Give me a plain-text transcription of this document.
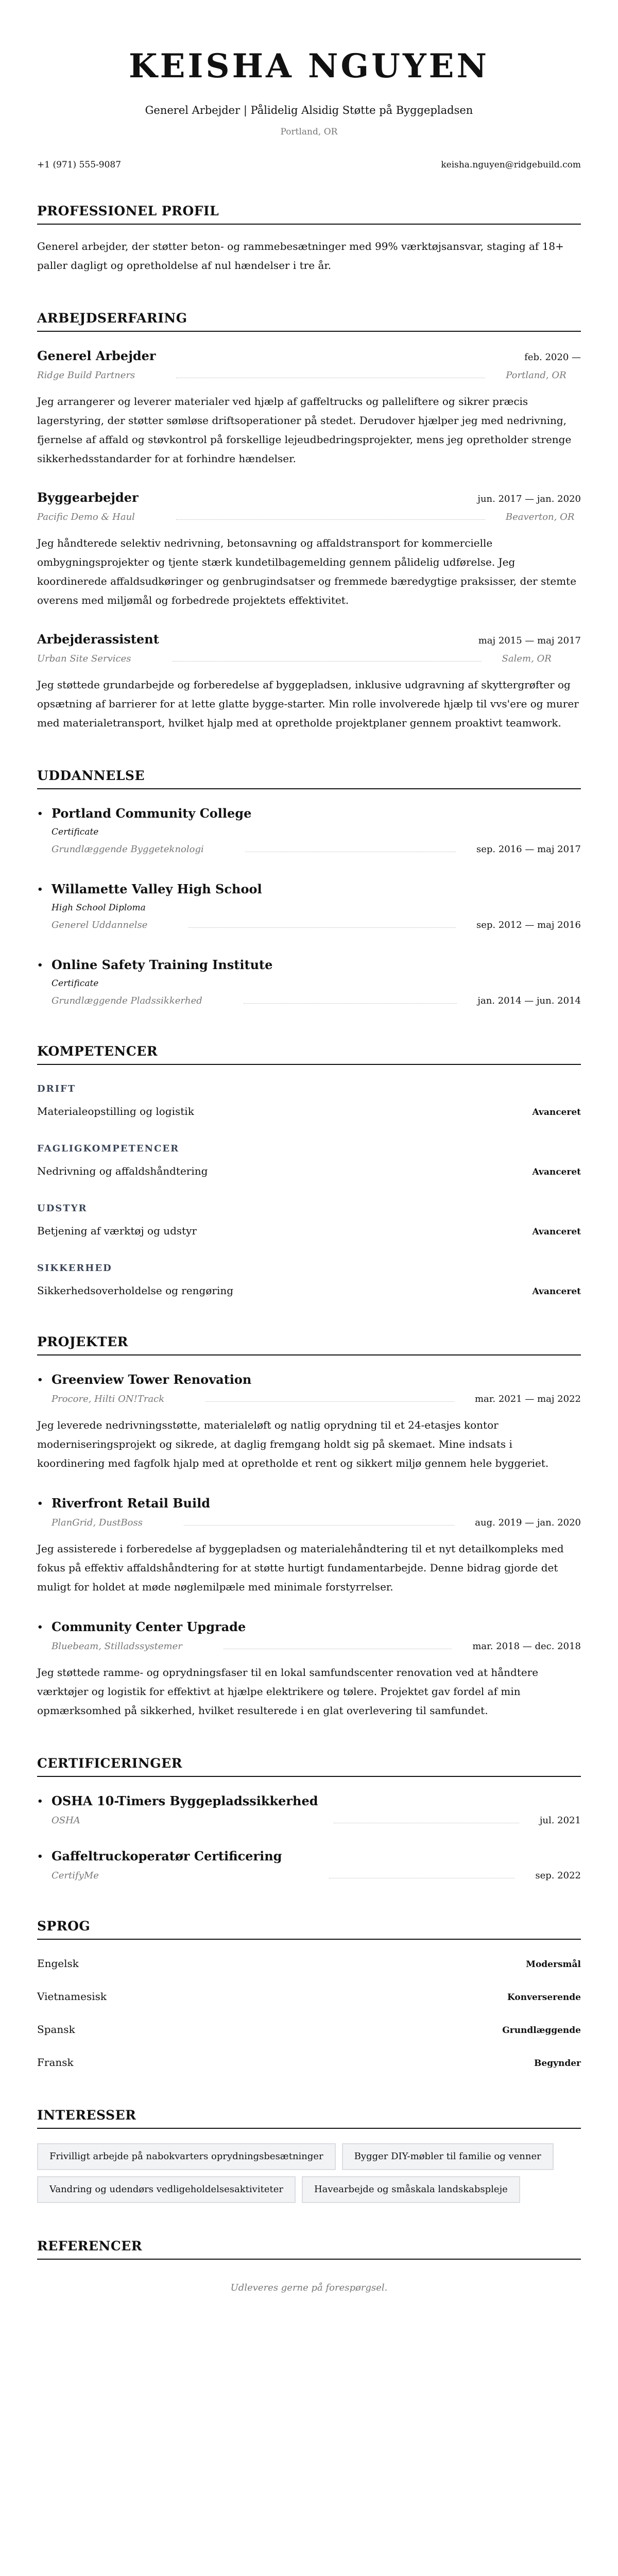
KEISHA NGUYEN
Generel Arbejder | Pålidelig Alsidig Støtte på Byggepladsen
Portland, OR
+1 (971) 555-9087	keisha.nguyen@ridgebuild.com
PROFESSIONEL PROFIL

Generel arbejder, der støtter beton- og rammebesætninger med 99% værktøjsansvar, staging af 18+ paller dagligt og opretholdelse af nul hændelser i tre år.

ARBEJDSERFARING
Generel Arbejder	feb. 2020 —
Ridge Build Partners	Portland, OR

Jeg arrangerer og leverer materialer ved hjælp af gaffeltrucks og palleliftere og sikrer præcis lagerstyring, der støtter sømløse driftsoperationer på stedet. Derudover hjælper jeg med nedrivning, fjernelse af affald og støvkontrol på forskellige lejeudbedringsprojekter, mens jeg opretholder strenge sikkerhedsstandarder for at forhindre hændelser.

Byggearbejder	jun. 2017 — jan. 2020
Pacific Demo & Haul	Beaverton, OR

Jeg håndterede selektiv nedrivning, betonsavning og affaldstransport for kommercielle ombygningsprojekter og tjente stærk kundetilbagemelding gennem pålidelig udførelse. Jeg koordinerede affaldsudkøringer og genbrugindsatser og fremmede bæredygtige praksisser, der stemte overens med miljømål og forbedrede projektets effektivitet.

Arbejderassistent	maj 2015 — maj 2017
Urban Site Services	Salem, OR

Jeg støttede grundarbejde og forberedelse af byggepladsen, inklusive udgravning af skyttergrøfter og opsætning af barrierer for at lette glatte bygge-starter. Min rolle involverede hjælp til vvs'ere og murer med materialetransport, hvilket hjalp med at opretholde projektplaner gennem proaktivt teamwork.

UDDANNELSE
• Portland Community College
Certificate
Grundlæggende Byggeteknologi	sep. 2016 — maj 2017
• Willamette Valley High School
High School Diploma
Generel Uddannelse	sep. 2012 — maj 2016
• Online Safety Training Institute
Certificate
Grundlæggende Pladssikkerhed	jan. 2014 — jun. 2014
KOMPETENCER
DRIFT
Materialeopstilling og logistik	Avanceret
FAGLIGKOMPETENCER
Nedrivning og affaldshåndtering	Avanceret
UDSTYR
Betjening af værktøj og udstyr	Avanceret
SIKKERHED
Sikkerhedsoverholdelse og rengøring	Avanceret
PROJEKTER
• Greenview Tower Renovation
Procore, Hilti ON!Track	mar. 2021 — maj 2022

Jeg leverede nedrivningsstøtte, materialeløft og natlig oprydning til et 24-etasjes kontor moderniseringsprojekt og sikrede, at daglig fremgang holdt sig på skemaet. Mine indsats i koordinering med fagfolk hjalp med at opretholde et rent og sikkert miljø gennem hele byggeriet.

• Riverfront Retail Build
PlanGrid, DustBoss	aug. 2019 — jan. 2020

Jeg assisterede i forberedelse af byggepladsen og materialehåndtering til et nyt detailkompleks med fokus på effektiv affaldshåndtering for at støtte hurtigt fundamentarbejde. Denne bidrag gjorde det muligt for holdet at møde nøglemilpæle med minimale forstyrrelser.

• Community Center Upgrade
Bluebeam, Stilladssystemer	mar. 2018 — dec. 2018

Jeg støttede ramme- og oprydningsfaser til en lokal samfundscenter renovation ved at håndtere værktøjer og logistik for effektivt at hjælpe elektrikere og tølere. Projektet gav fordel af min opmærksomhed på sikkerhed, hvilket resulterede i en glat overlevering til samfundet.

CERTIFICERINGER
• OSHA 10-Timers Byggepladssikkerhed
OSHA	jul. 2021
• Gaffeltruckoperatør Certificering
CertifyMe	sep. 2022
SPROG
Engelsk	Modersmål
Vietnamesisk	Konverserende
Spansk	Grundlæggende
Fransk	Begynder
INTERESSER
Frivilligt arbejde på nabokvarters oprydningsbesætninger	Bygger DIY-møbler til familie og venner
Vandring og udendørs vedligeholdelsesaktiviteter	Havearbejde og småskala landskabspleje
REFERENCER

Udleveres gerne på forespørgsel.
